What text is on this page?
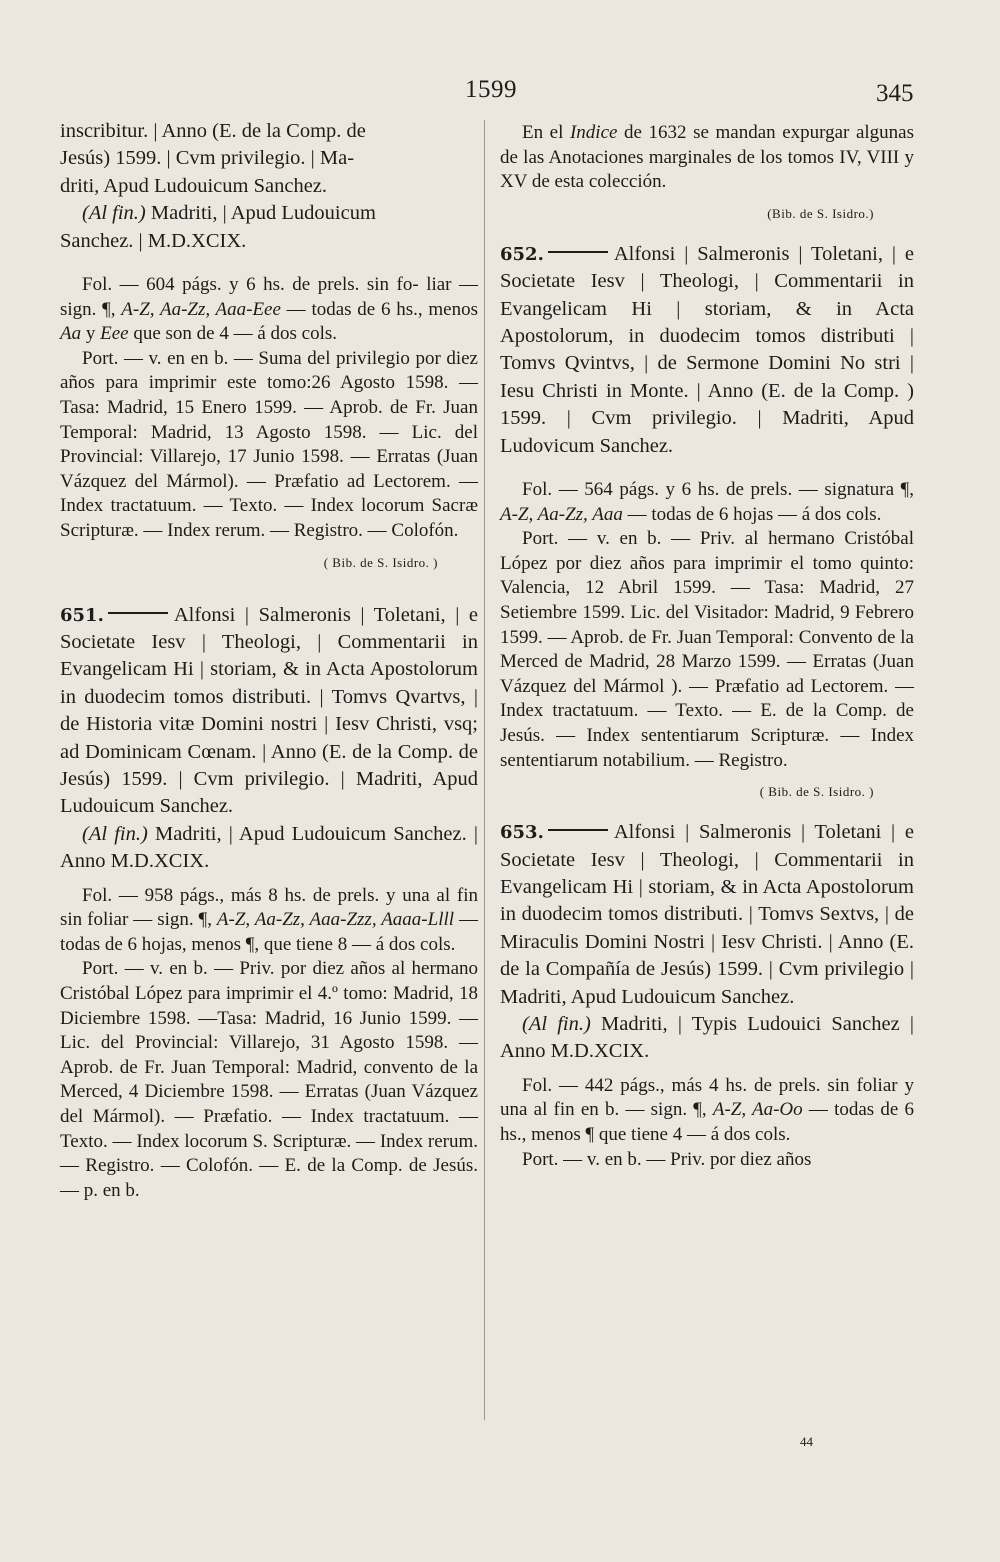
1599	345

inscribitur. | Anno (E. de la Comp. de
Jesús) 1599. | Cvm privilegio. | Ma-
driti, Apud Ludouicum Sanchez.

(Al fin.) Madriti, | Apud Ludouicum
Sanchez. | M.D.XCIX.

Fol. — 604 págs. y 6 hs. de prels. sin fo- liar — sign. ¶, A-Z, Aa-Zz, Aaa-Eee — todas de 6 hs., menos Aa y Eee que son de 4 — á dos cols.

Port. — v. en en b. — Suma del privilegio por diez años para imprimir este tomo:26 Agosto 1598. — Tasa: Madrid, 15 Enero 1599. — Aprob. de Fr. Juan Temporal: Madrid, 13 Agosto 1598. — Lic. del Provincial: Villarejo, 17 Junio 1598. — Erratas (Juan Vázquez del Mármol). — Præfatio ad Lectorem. — Index tractatuum. — Texto. — Index locorum Sacræ Scripturæ. — Index rerum. — Registro. — Colofón.

( Bib. de S. Isidro. )

651.	Alfonsi | Salmeronis | Toletani, | e Societate Iesv | Theologi, | Commentarii in Evangelicam Hi | storiam, & in Acta Apostolorum in duodecim tomos distributi. | Tomvs Qvartvs, | de Historia vitæ Domini nostri | Iesv Christi, vsq; ad Dominicam Cœnam. | Anno (E. de la Comp. de Jesús) 1599. | Cvm privilegio. | Madriti, Apud Ludouicum Sanchez.

(Al fin.) Madriti, | Apud Ludouicum Sanchez. | Anno M.D.XCIX.

Fol. — 958 págs., más 8 hs. de prels. y una al fin sin foliar — sign. ¶, A-Z, Aa-Zz, Aaa-Zzz, Aaaa-Llll — todas de 6 hojas, menos ¶, que tiene 8 — á dos cols.

Port. — v. en b. — Priv. por diez años al hermano Cristóbal López para imprimir el 4.º tomo: Madrid, 18 Diciembre 1598. —Tasa: Madrid, 16 Junio 1599. — Lic. del Provincial: Villarejo, 31 Agosto 1598. — Aprob. de Fr. Juan Temporal: Madrid, convento de la Merced, 4 Diciembre 1598. — Erratas (Juan Vázquez del Mármol). — Præfatio. — Index tractatuum. — Texto. — Index locorum S. Scripturæ. — Index rerum. — Registro. — Colofón. — E. de la Comp. de Jesús. — p. en b.

En el Indice de 1632 se mandan expurgar algunas de las Anotaciones marginales de los tomos IV, VIII y XV de esta colección.

(Bib. de S. Isidro.)

652.	Alfonsi | Salmeronis | Toletani, | e Societate Iesv | Theologi, | Commentarii in Evangelicam Hi | storiam, & in Acta Apostolorum, in duodecim tomos distributi | Tomvs Qvintvs, | de Sermone Domini No stri | Iesu Christi in Monte. | Anno (E. de la Comp. ) 1599. | Cvm privilegio. | Madriti, Apud Ludovicum Sanchez.

Fol. — 564 págs. y 6 hs. de prels. — signatura ¶, A-Z, Aa-Zz, Aaa — todas de 6 hojas — á dos cols.

Port. — v. en b. — Priv. al hermano Cristóbal López por diez años para imprimir el tomo quinto: Valencia, 12 Abril 1599. — Tasa: Madrid, 27 Setiembre 1599. Lic. del Visitador: Madrid, 9 Febrero 1599. — Aprob. de Fr. Juan Temporal: Convento de la Merced de Madrid, 28 Marzo 1599. — Erratas (Juan Vázquez del Mármol ). — Præfatio ad Lectorem. — Index tractatuum. — Texto. — E. de la Comp. de Jesús. — Index sententiarum Scripturæ. — Index sententiarum notabilium. — Registro.

( Bib. de S. Isidro. )

653.	Alfonsi | Salmeronis | Toletani | e Societate Iesv | Theologi, | Commentarii in Evangelicam Hi | storiam, & in Acta Apostolorum in duodecim tomos distributi. | Tomvs Sextvs, | de Miraculis Domini Nostri | Iesv Christi. | Anno (E. de la Compañía de Jesús) 1599. | Cvm privilegio | Madriti, Apud Ludouicum Sanchez.

(Al fin.) Madriti, | Typis Ludouici Sanchez | Anno M.D.XCIX.

Fol. — 442 págs., más 4 hs. de prels. sin foliar y una al fin en b. — sign. ¶, A-Z, Aa-Oo — todas de 6 hs., menos ¶ que tiene 4 — á dos cols.

Port. — v. en b. — Priv. por diez años

44
